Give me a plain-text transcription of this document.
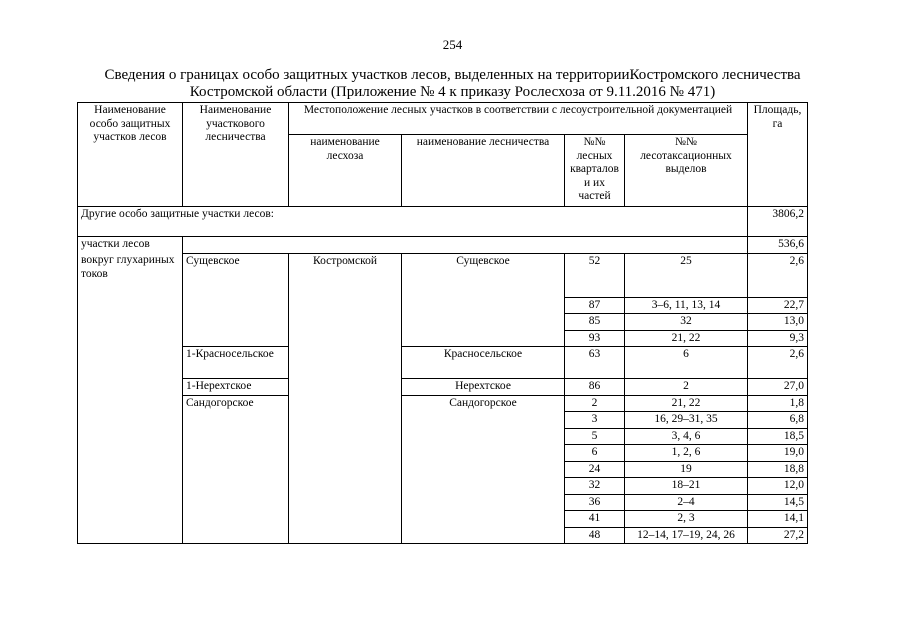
254
Сведения о границах особо защитных участков лесов, выделенных на территорииКостромского лесничества
Костромской области (Приложение № 4 к приказу Рослесхоза от 9.11.2016 № 471)
Наименование особо защитных участков лесов	Наименование участкового лесничества	Местоположение лесных участков в соответствии с лесоустроительной документацией				Площадь, га
		наименование лесхоза	наименование лесничества	№№ лесных кварталов и их частей	№№ лесотаксационных выделов	
Другие особо защитные участки лесов:						3806,2
участки лесов						536,6
вокруг глухариных токов	Сущевское	Костромской	Сущевское	52	25	2,6
				87	3–6, 11, 13, 14	22,7
				85	32	13,0
				93	21, 22	9,3
	1-Красносельское		Красносельское	63	6	2,6
	1-Нерехтское		Нерехтское	86	2	27,0
	Сандогорское		Сандогорское	2	21, 22	1,8
				3	16, 29–31, 35	6,8
				5	3, 4, 6	18,5
				6	1, 2, 6	19,0
				24	19	18,8
				32	18–21	12,0
				36	2–4	14,5
				41	2, 3	14,1
				48	12–14, 17–19, 24, 26	27,2
